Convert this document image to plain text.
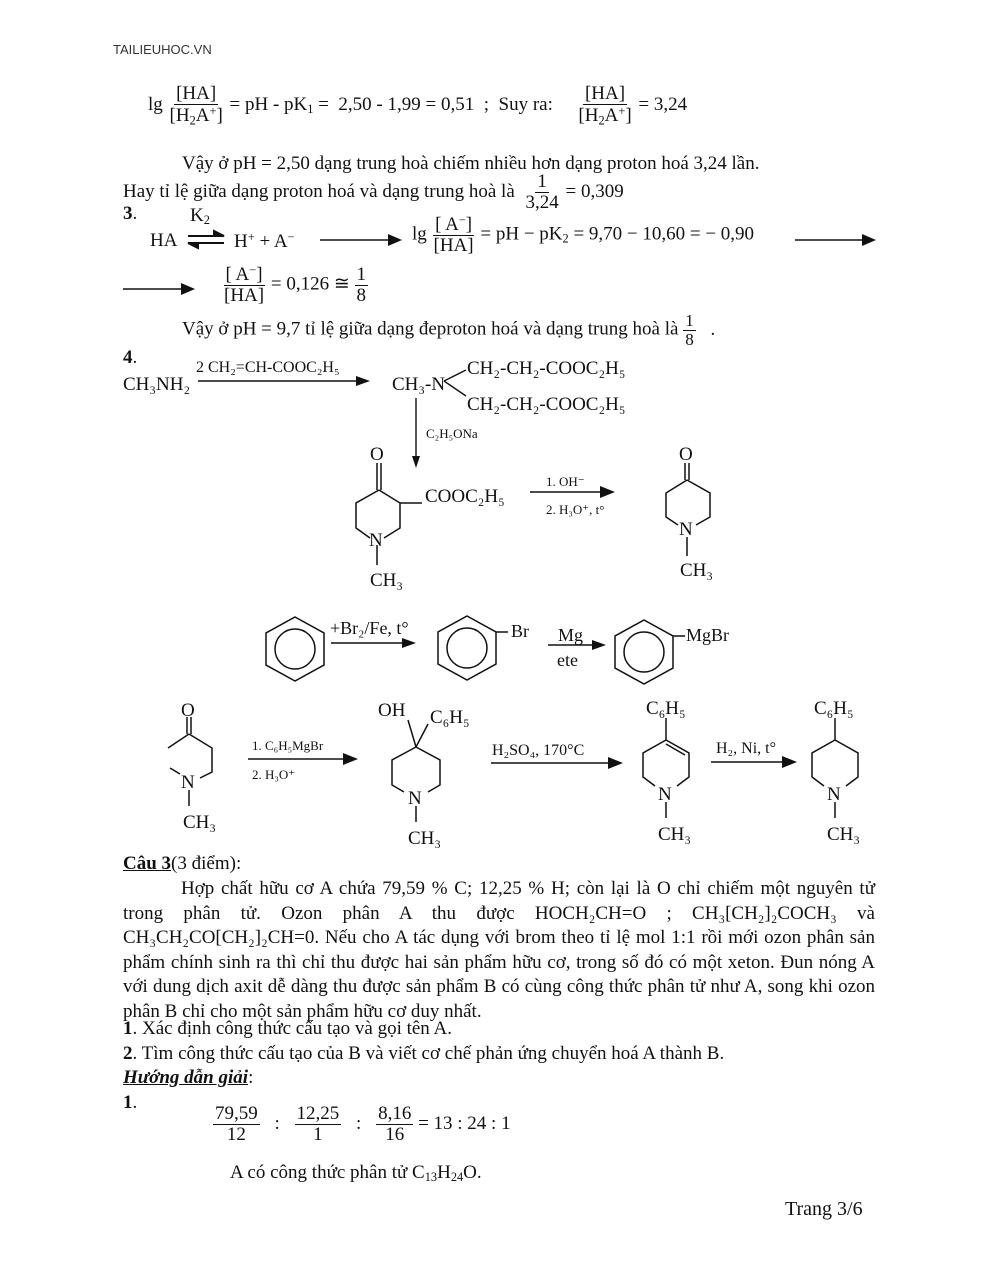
TAILIEUHOC.VN
$\lg \frac{[HA]}{[H_2A^+]}$ = pH - $pK_1 = 2,50 - 1,99 = 0,51$  ;  Suy ra: $\frac{[HA]}{[H_2A^+]} = 3,24$
Vậy ở pH = 2,50 dạng trung hoà chiếm nhiều hơn dạng proton hoá 3,24 lần.
Hay tỉ lệ giữa dạng proton hoá và dạng trung hoà là $\frac{1}{3,24} = 0,309$
3.	$K_2$
HA	H+ + A−	$\lg \frac{[ A^-]}{[HA]}$ = pH − $pK_2 = 9,70 - 10,60$ = − 0,90
$\frac{[ A^-]}{[HA]} = 0,126$ ≅ $\frac{1}{8}$
Vậy ở pH = 9,7 tỉ lệ giữa dạng đeproton hoá và dạng trung hoà là $\frac{1}{8}$ .
4.
CH₃NH₂
2 CH₂=CH-COOC₂H₅
CH₃-N
CH₂-CH₂-COOC₂H₅
CH₂-CH₂-COOC₂H₅
C₂H₅ONa
O
COOC₂H₅
N
CH₃
1. OH⁻
2. H₃O⁺, t°
O
N
CH₃
+Br₂/Fe, t°	Br Mg
ete
MgBr
O
N
CH₃
1. C₆H₅MgBr
2. H₃O⁺
OH C₆H₅
N
CH₃
H₂SO₄, 170°C
C₆H₅
N
CH₃
H₂, Ni, t°
C₆H₅
N
CH₃
Câu 3(3 điểm):
Hợp chất hữu cơ A chứa 79,59 % C; 12,25 % H; còn lại là O chỉ chiếm một nguyên tử trong phân tử. Ozon phân A thu được HOCH₂CH=O ; CH₃[CH₂]₂COCH₃ và CH₃CH₂CO[CH₂]₂CH=0. Nếu cho A tác dụng với brom theo tỉ lệ mol 1:1 rồi mới ozon phân sản phẩm chính sinh ra thì chỉ thu được hai sản phẩm hữu cơ, trong số đó có một xeton. Đun nóng A với dung dịch axit dễ dàng thu được sản phẩm B có cùng công thức phân tử như A, song khi ozon phân B chỉ cho một sản phẩm hữu cơ duy nhất.
1. Xác định công thức cấu tạo và gọi tên A.
2. Tìm công thức cấu tạo của B và viết cơ chế phản ứng chuyển hoá A thành B.
Hướng dẫn giải:
1.
$\frac{79,59}{12}$ : $\frac{12,25}{1}$ : $\frac{8,16}{16} = 13$ : 24 : 1
A có công thức phân tử $C_{13}H_{24}O$.
Trang 3/6
